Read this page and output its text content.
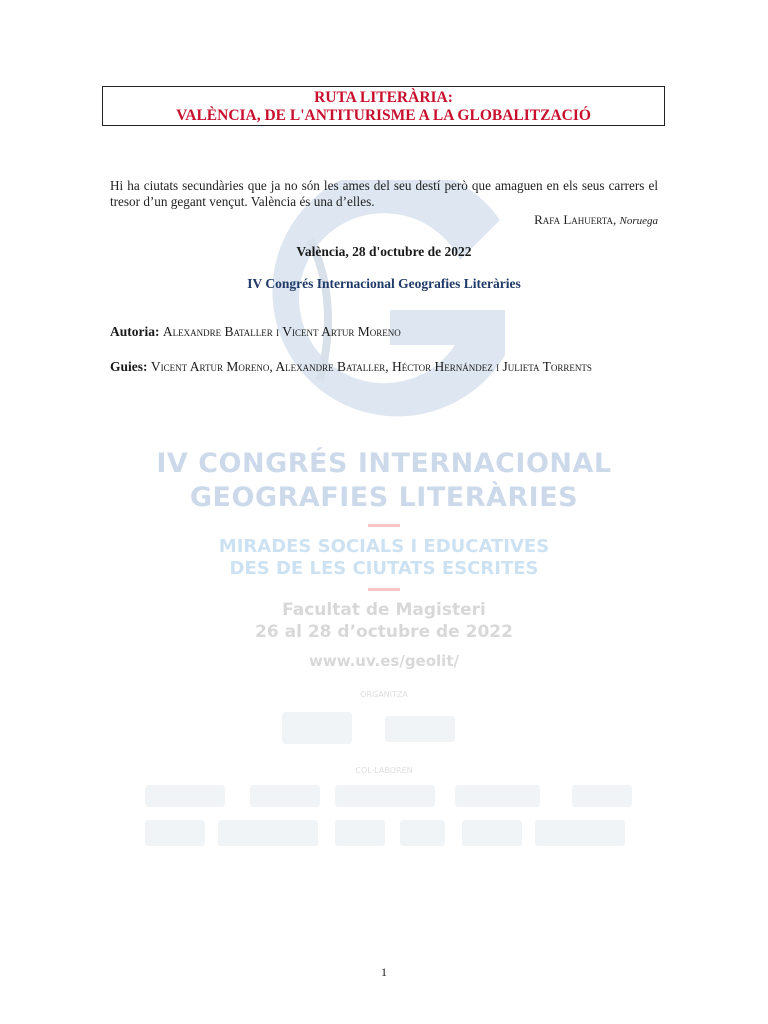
RUTA LITERÀRIA:
VALÈNCIA, DE L'ANTITURISME A LA GLOBALITZACIÓ
Hi ha ciutats secundàries que ja no són les ames del seu destí però que amaguen en els seus carrers el tresor d’un gegant vençut. València és una d’elles.
Rafa Lahuerta, Noruega
València, 28 d'octubre de 2022
IV Congrés Internacional Geografies Literàries
Autoria: Alexandre Bataller i Vicent Artur Moreno
Guies: Vicent Artur Moreno, Alexandre Bataller, Héctor Hernández i Julieta Torrents
IV CONGRÉS INTERNACIONAL
GEOGRAFIES LITERÀRIES
MIRADES SOCIALS I EDUCATIVES
DES DE LES CIUTATS ESCRITES
Facultat de Magisteri
26 al 28 d’octubre de 2022
www.uv.es/geolit/
ORGANITZA
COL·LABOREN
1
